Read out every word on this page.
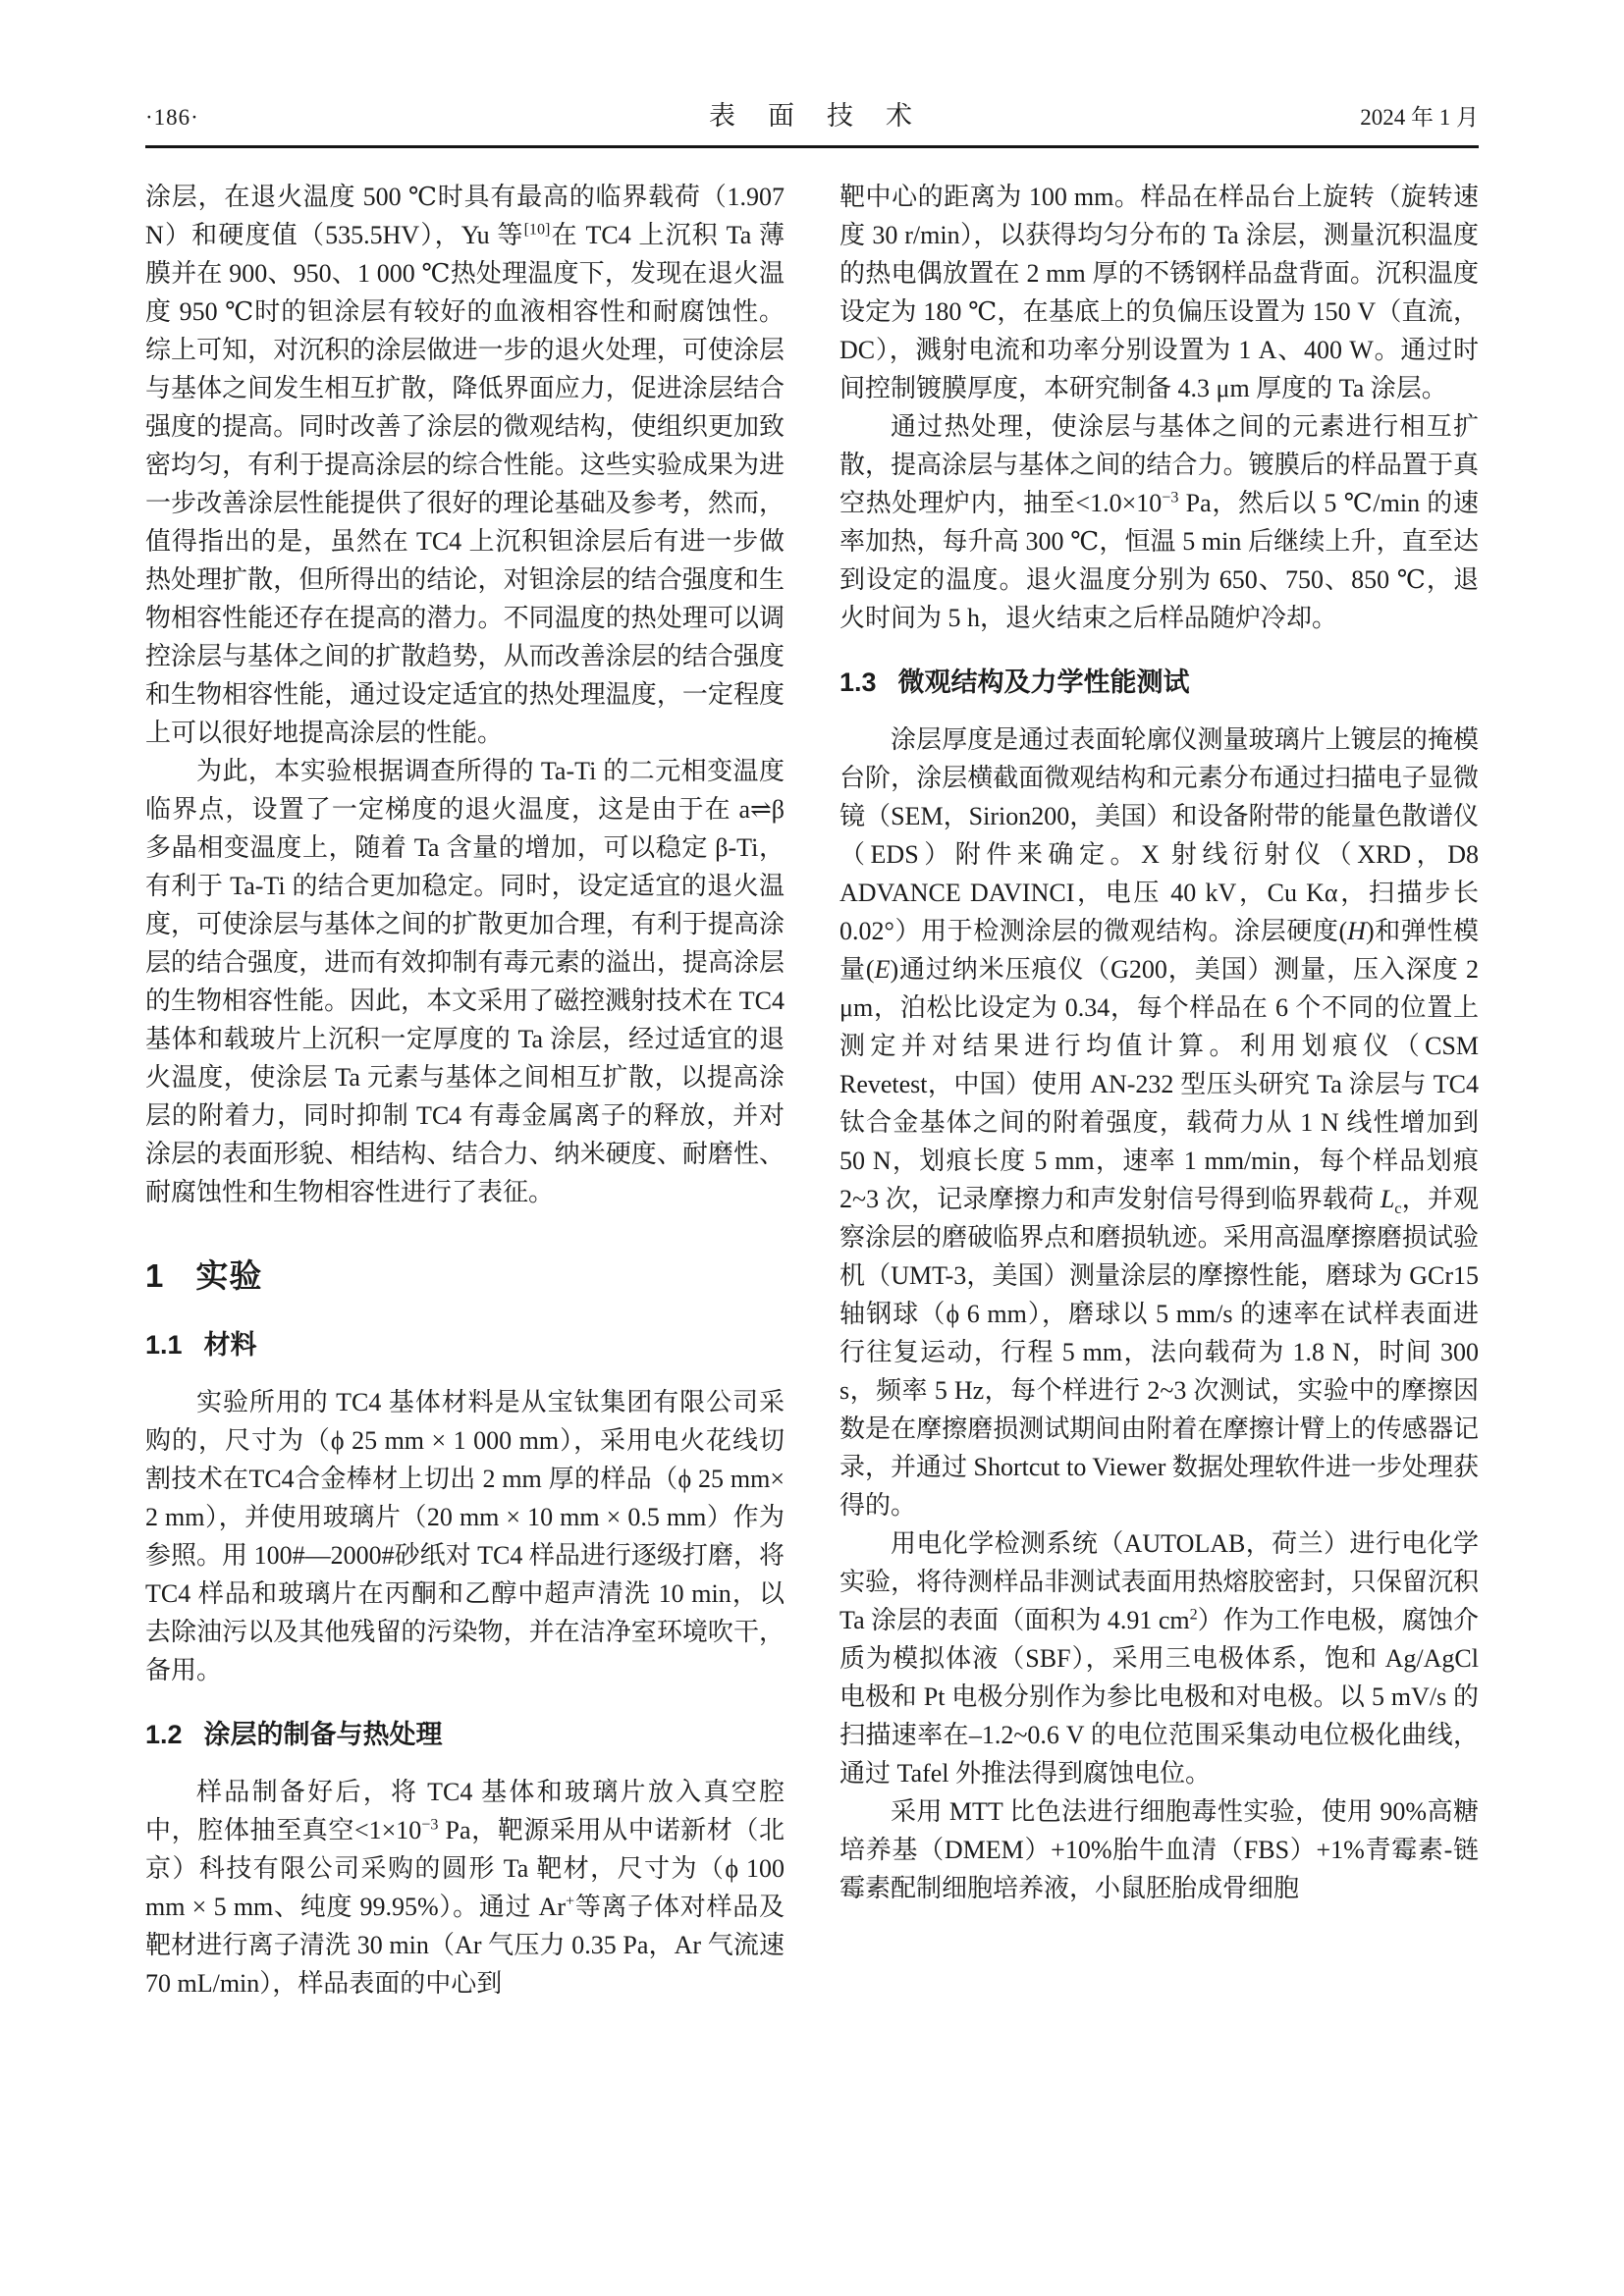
·186·	表　面　技　术	2024 年 1 月

涂层，在退火温度 500 ℃时具有最高的临界载荷（1.907 N）和硬度值（535.5HV），Yu 等[10]在 TC4 上沉积 Ta 薄膜并在 900、950、1 000 ℃热处理温度下，发现在退火温度 950 ℃时的钽涂层有较好的血液相容性和耐腐蚀性。综上可知，对沉积的涂层做进一步的退火处理，可使涂层与基体之间发生相互扩散，降低界面应力，促进涂层结合强度的提高。同时改善了涂层的微观结构，使组织更加致密均匀，有利于提高涂层的综合性能。这些实验成果为进一步改善涂层性能提供了很好的理论基础及参考，然而，值得指出的是，虽然在 TC4 上沉积钽涂层后有进一步做热处理扩散，但所得出的结论，对钽涂层的结合强度和生物相容性能还存在提高的潜力。不同温度的热处理可以调控涂层与基体之间的扩散趋势，从而改善涂层的结合强度和生物相容性能，通过设定适宜的热处理温度，一定程度上可以很好地提高涂层的性能。

为此，本实验根据调查所得的 Ta-Ti 的二元相变温度临界点，设置了一定梯度的退火温度，这是由于在 a⇌β 多晶相变温度上，随着 Ta 含量的增加，可以稳定 β-Ti，有利于 Ta-Ti 的结合更加稳定。同时，设定适宜的退火温度，可使涂层与基体之间的扩散更加合理，有利于提高涂层的结合强度，进而有效抑制有毒元素的溢出，提高涂层的生物相容性能。因此，本文采用了磁控溅射技术在 TC4 基体和载玻片上沉积一定厚度的 Ta 涂层，经过适宜的退火温度，使涂层 Ta 元素与基体之间相互扩散，以提高涂层的附着力，同时抑制 TC4 有毒金属离子的释放，并对涂层的表面形貌、相结构、结合力、纳米硬度、耐磨性、耐腐蚀性和生物相容性进行了表征。

1 实验
1.1 材料

实验所用的 TC4 基体材料是从宝钛集团有限公司采购的，尺寸为（ϕ 25 mm × 1 000 mm），采用电火花线切割技术在TC4合金棒材上切出 2 mm 厚的样品（ϕ 25 mm× 2 mm），并使用玻璃片（20 mm × 10 mm × 0.5 mm）作为参照。用 100#—2000#砂纸对 TC4 样品进行逐级打磨，将 TC4 样品和玻璃片在丙酮和乙醇中超声清洗 10 min，以去除油污以及其他残留的污染物，并在洁净室环境吹干，备用。

1.2 涂层的制备与热处理

样品制备好后，将 TC4 基体和玻璃片放入真空腔中，腔体抽至真空$<1\times 10^{-3}$ Pa，靶源采用从中诺新材（北京）科技有限公司采购的圆形 Ta 靶材，尺寸为（ϕ 100 mm × 5 mm、纯度 99.95%）。通过 Ar+等离子体对样品及靶材进行离子清洗 30 min（Ar 气压力 0.35 Pa，Ar 气流速 70 mL/min），样品表面的中心到

靶中心的距离为 100 mm。样品在样品台上旋转（旋转速度 30 r/min），以获得均匀分布的 Ta 涂层，测量沉积温度的热电偶放置在 2 mm 厚的不锈钢样品盘背面。沉积温度设定为 180 ℃，在基底上的负偏压设置为 150 V（直流，DC），溅射电流和功率分别设置为 1 A、400 W。通过时间控制镀膜厚度，本研究制备 4.3 μm 厚度的 Ta 涂层。

通过热处理，使涂层与基体之间的元素进行相互扩散，提高涂层与基体之间的结合力。镀膜后的样品置于真空热处理炉内，抽至$<1.0\times 10^{-3}$ Pa，然后以 5 ℃/min 的速率加热，每升高 300 ℃，恒温 5 min 后继续上升，直至达到设定的温度。退火温度分别为 650、750、850 ℃，退火时间为 5 h，退火结束之后样品随炉冷却。

1.3 微观结构及力学性能测试

涂层厚度是通过表面轮廓仪测量玻璃片上镀层的掩模台阶，涂层横截面微观结构和元素分布通过扫描电子显微镜（SEM，Sirion200，美国）和设备附带的能量色散谱仪（EDS）附件来确定。X 射线衍射仪（XRD，D8 ADVANCE DAVINCI，电压 40 kV，Cu Kα，扫描步长 0.02°）用于检测涂层的微观结构。涂层硬度(H)和弹性模量(E)通过纳米压痕仪（G200，美国）测量，压入深度 2 μm，泊松比设定为 0.34，每个样品在 6 个不同的位置上测定并对结果进行均值计算。利用划痕仪（CSM Revetest，中国）使用 AN-232 型压头研究 Ta 涂层与 TC4 钛合金基体之间的附着强度，载荷力从 1 N 线性增加到 50 N，划痕长度 5 mm，速率 1 mm/min，每个样品划痕 2~3 次，记录摩擦力和声发射信号得到临界载荷 $L_c$，并观察涂层的磨破临界点和磨损轨迹。采用高温摩擦磨损试验机（UMT-3，美国）测量涂层的摩擦性能，磨球为 GCr15 轴钢球（ϕ 6 mm），磨球以 5 mm/s 的速率在试样表面进行往复运动，行程 5 mm，法向载荷为 1.8 N，时间 300 s，频率 5 Hz，每个样进行 2~3 次测试，实验中的摩擦因数是在摩擦磨损测试期间由附着在摩擦计臂上的传感器记录，并通过 Shortcut to Viewer 数据处理软件进一步处理获得的。

用电化学检测系统（AUTOLAB，荷兰）进行电化学实验，将待测样品非测试表面用热熔胶密封，只保留沉积 Ta 涂层的表面（面积为 4.91 $cm^2$）作为工作电极，腐蚀介质为模拟体液（SBF），采用三电极体系，饱和 Ag/AgCl 电极和 Pt 电极分别作为参比电极和对电极。以 5 mV/s 的扫描速率在–1.2~0.6 V 的电位范围采集动电位极化曲线，通过 Tafel 外推法得到腐蚀电位。

采用 MTT 比色法进行细胞毒性实验，使用 90%高糖培养基（DMEM）+10%胎牛血清（FBS）+1%青霉素-链霉素配制细胞培养液，小鼠胚胎成骨细胞
